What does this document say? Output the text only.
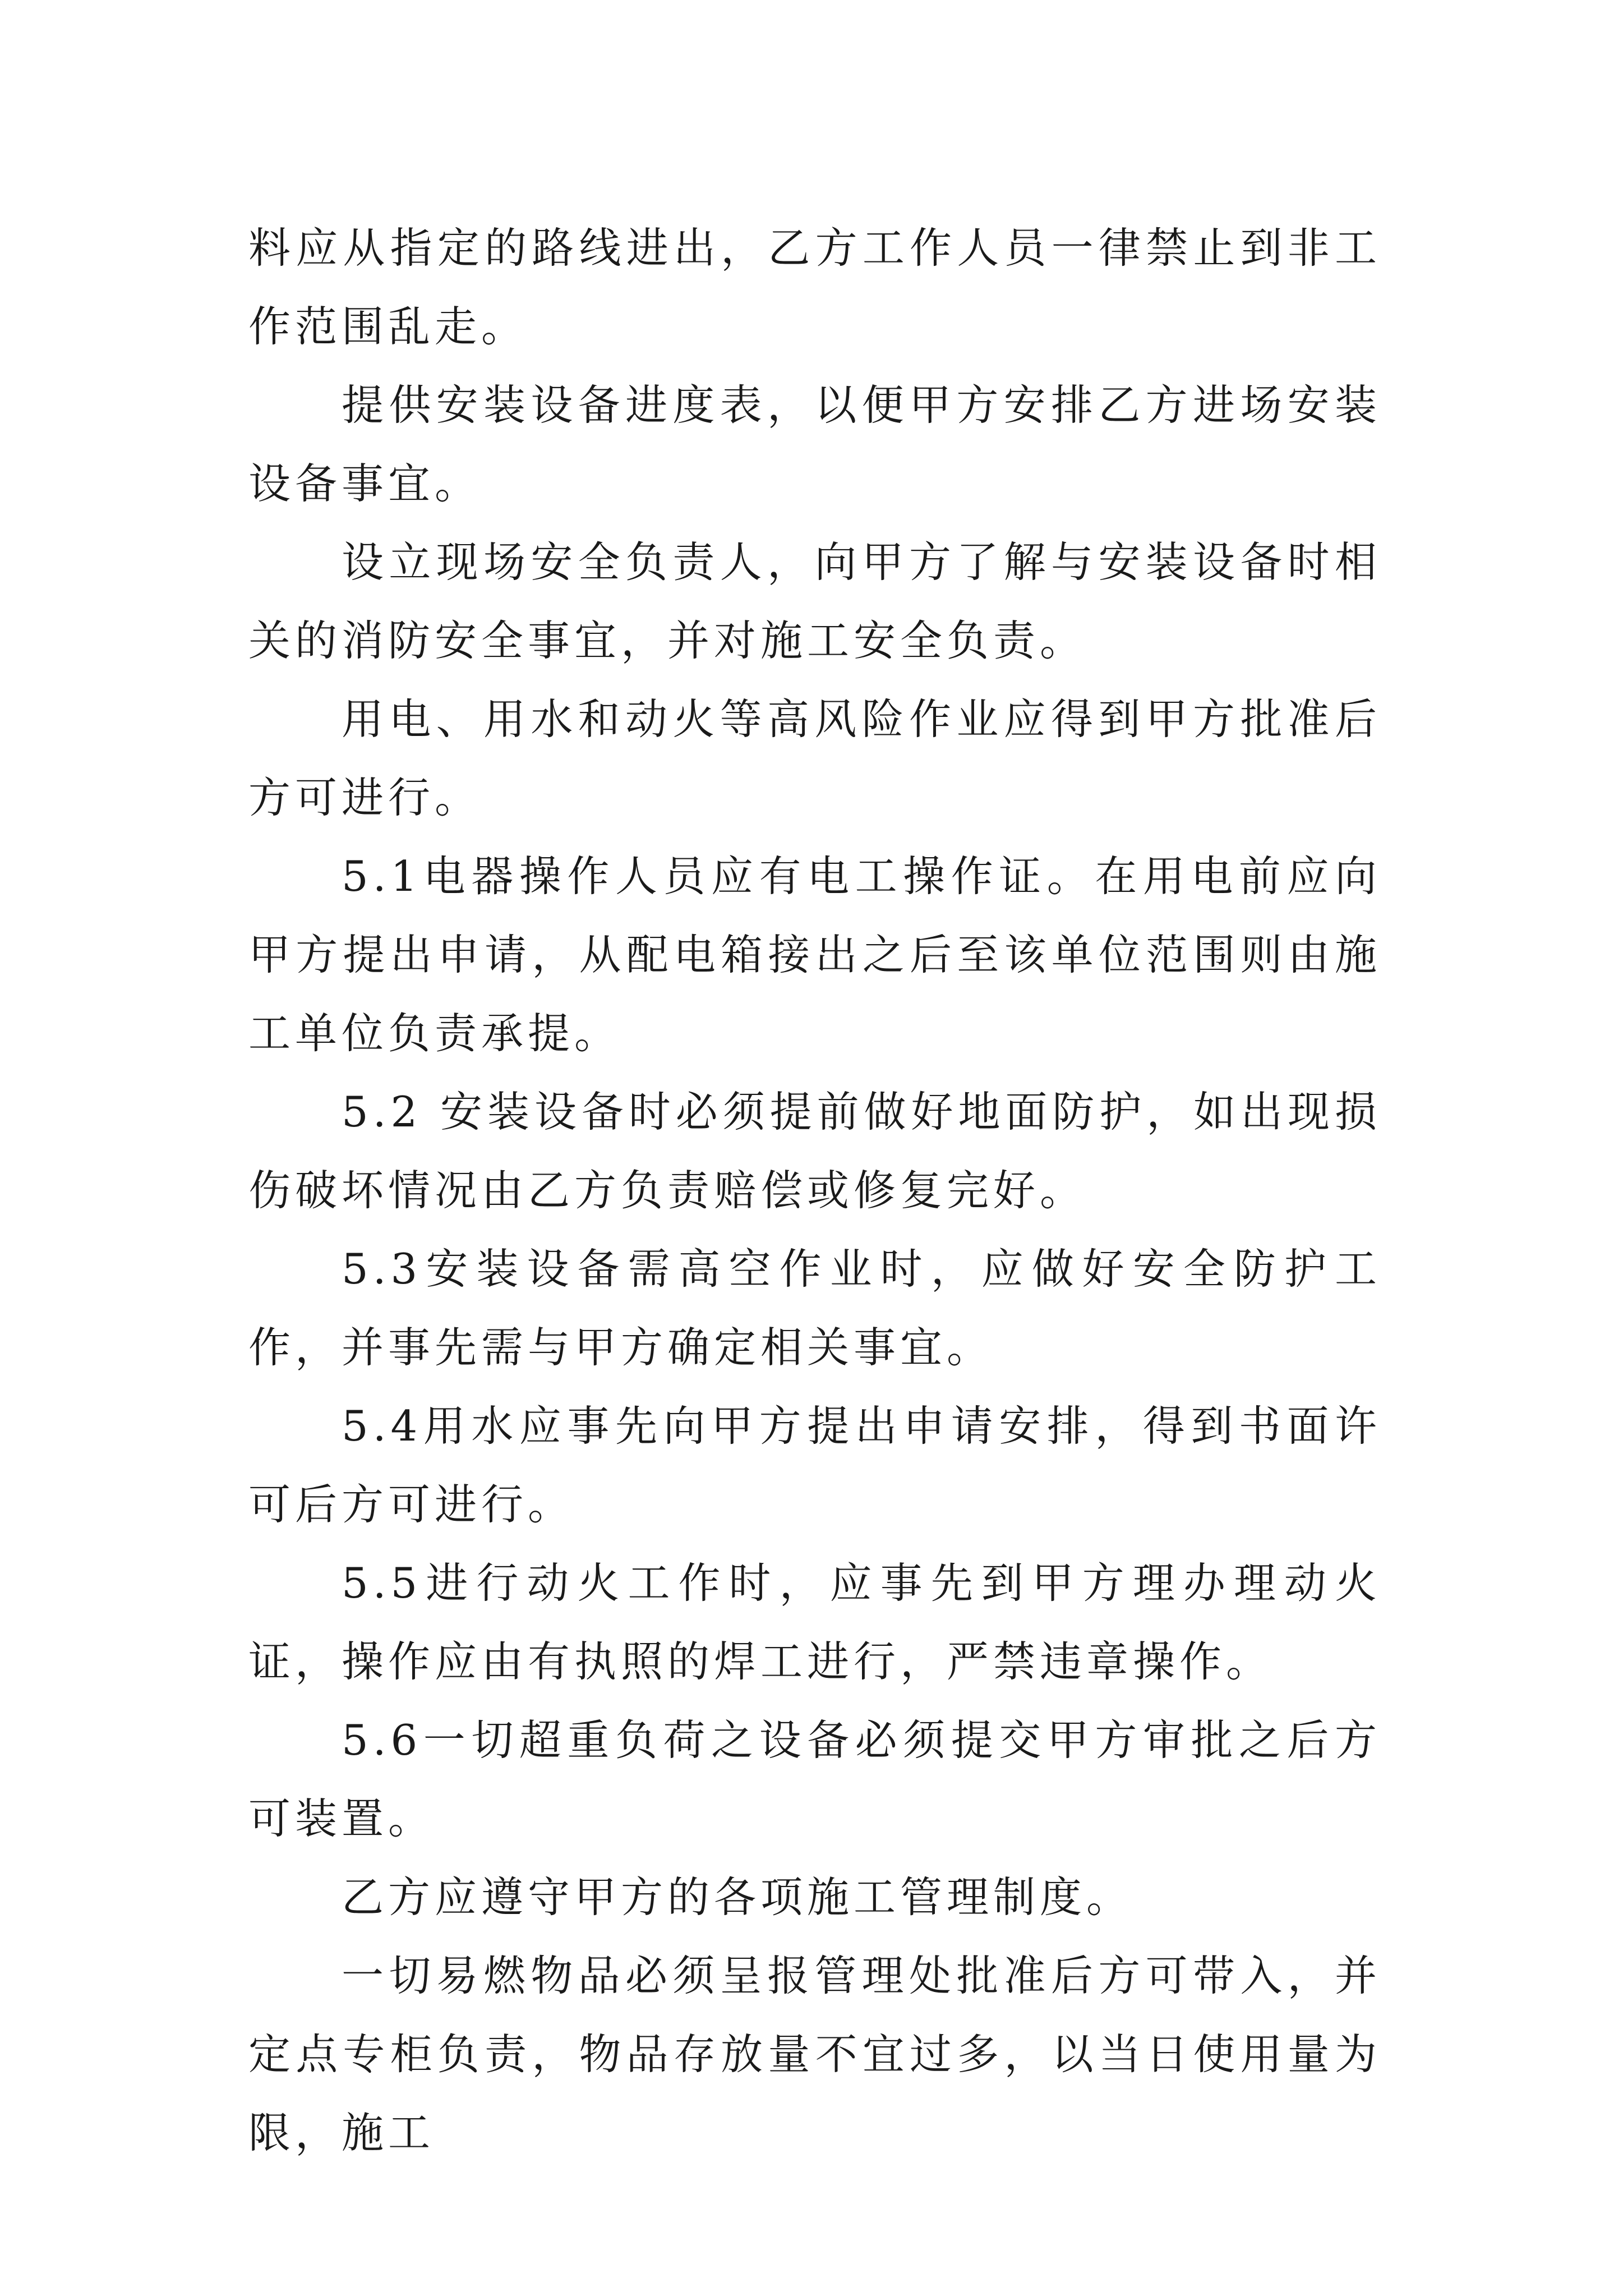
料应从指定的路线进出，乙方工作人员一律禁止到非工作范围乱走。

提供安装设备进度表，以便甲方安排乙方进场安装设备事宜。

设立现场安全负责人，向甲方了解与安装设备时相关的消防安全事宜，并对施工安全负责。

用电、用水和动火等高风险作业应得到甲方批准后方可进行。

5.1电器操作人员应有电工操作证。在用电前应向甲方提出申请，从配电箱接出之后至该单位范围则由施工单位负责承提。

5.2 安装设备时必须提前做好地面防护，如出现损伤破坏情况由乙方负责赔偿或修复完好。

5.3安装设备需高空作业时，应做好安全防护工作，并事先需与甲方确定相关事宜。

5.4用水应事先向甲方提出申请安排，得到书面许可后方可进行。

5.5进行动火工作时，应事先到甲方理办理动火证，操作应由有执照的焊工进行，严禁违章操作。

5.6一切超重负荷之设备必须提交甲方审批之后方可装置。

乙方应遵守甲方的各项施工管理制度。

一切易燃物品必须呈报管理处批准后方可带入，并定点专柜负责，物品存放量不宜过多，以当日使用量为限，施工
